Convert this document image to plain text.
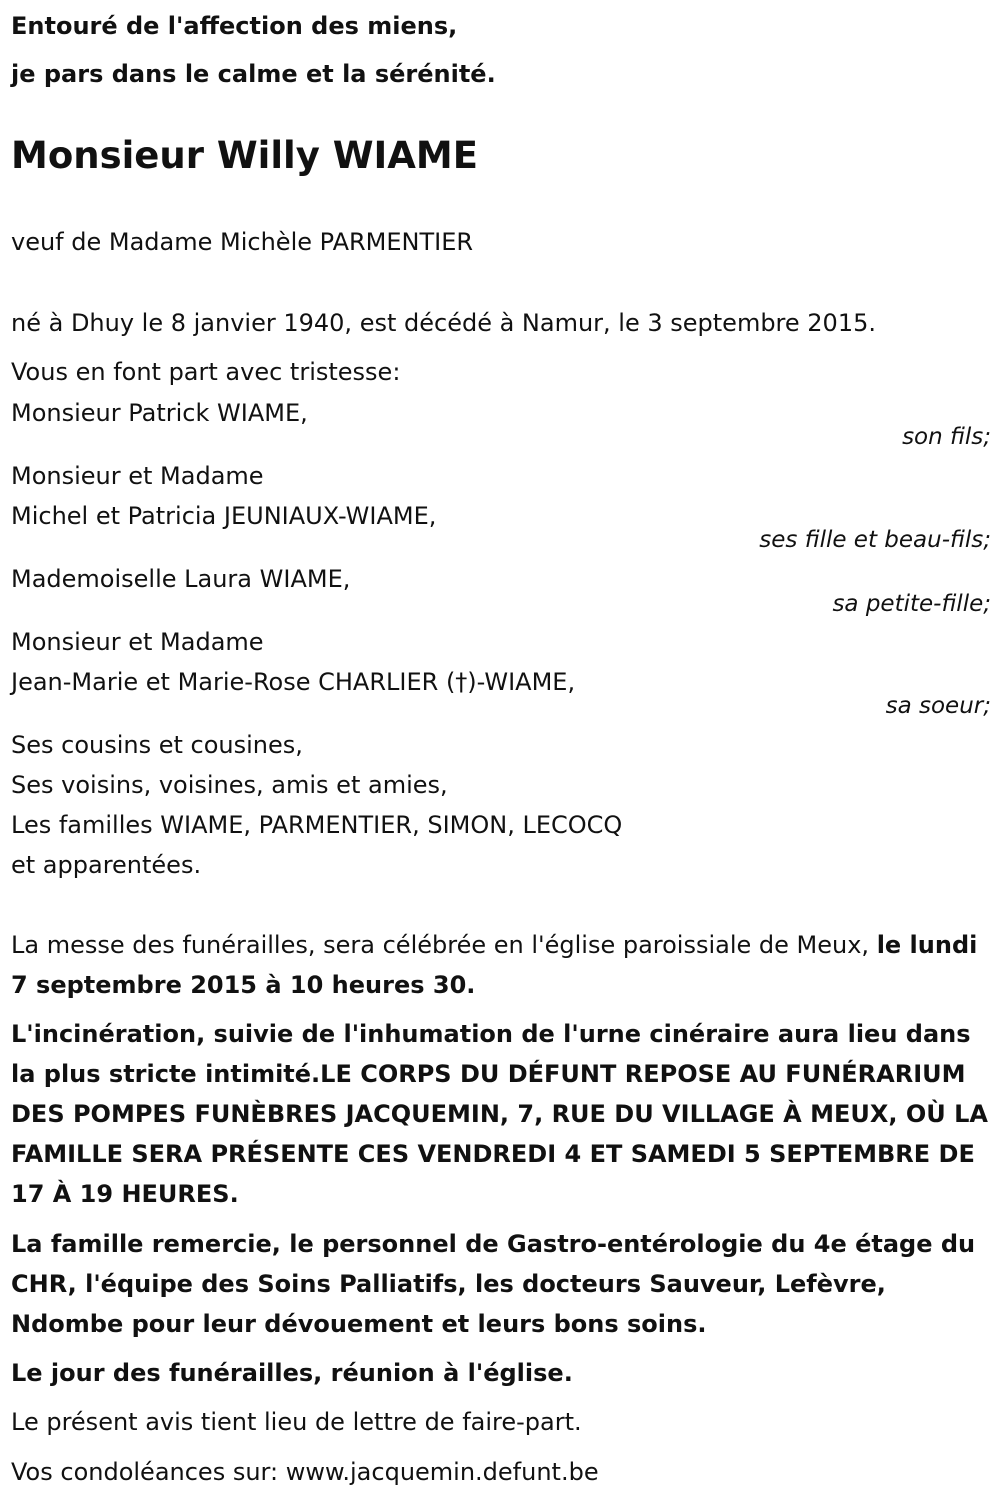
Entouré de l'affection des miens,
je pars dans le calme et la sérénité.
Monsieur Willy WIAME
veuf de Madame Michèle PARMENTIER
né à Dhuy le 8 janvier 1940, est décédé à Namur, le 3 septembre 2015.
Vous en font part avec tristesse:
Monsieur Patrick WIAME,
son fils;
Monsieur et Madame
Michel et Patricia JEUNIAUX-WIAME,
ses fille et beau-fils;
Mademoiselle Laura WIAME,
sa petite-fille;
Monsieur et Madame
Jean-Marie et Marie-Rose CHARLIER (†)-WIAME,
sa soeur;
Ses cousins et cousines,
Ses voisins, voisines, amis et amies,
Les familles WIAME, PARMENTIER, SIMON, LECOCQ
et apparentées.
La messe des funérailles, sera célébrée en l'église paroissiale de Meux, le lundi 7 septembre 2015 à 10 heures 30.
L'incinération, suivie de l'inhumation de l'urne cinéraire aura lieu dans la plus stricte intimité.LE CORPS DU DÉFUNT REPOSE AU FUNÉRARIUM DES POMPES FUNÈBRES JACQUEMIN, 7, RUE DU VILLAGE À MEUX, OÙ LA FAMILLE SERA PRÉSENTE CES VENDREDI 4 ET SAMEDI 5 SEPTEMBRE DE 17 À 19 HEURES.
La famille remercie, le personnel de Gastro-entérologie du 4e étage du CHR, l'équipe des Soins Palliatifs, les docteurs Sauveur, Lefèvre, Ndombe pour leur dévouement et leurs bons soins.
Le jour des funérailles, réunion à l'église.
Le présent avis tient lieu de lettre de faire-part.
Vos condoléances sur: www.jacquemin.defunt.be
